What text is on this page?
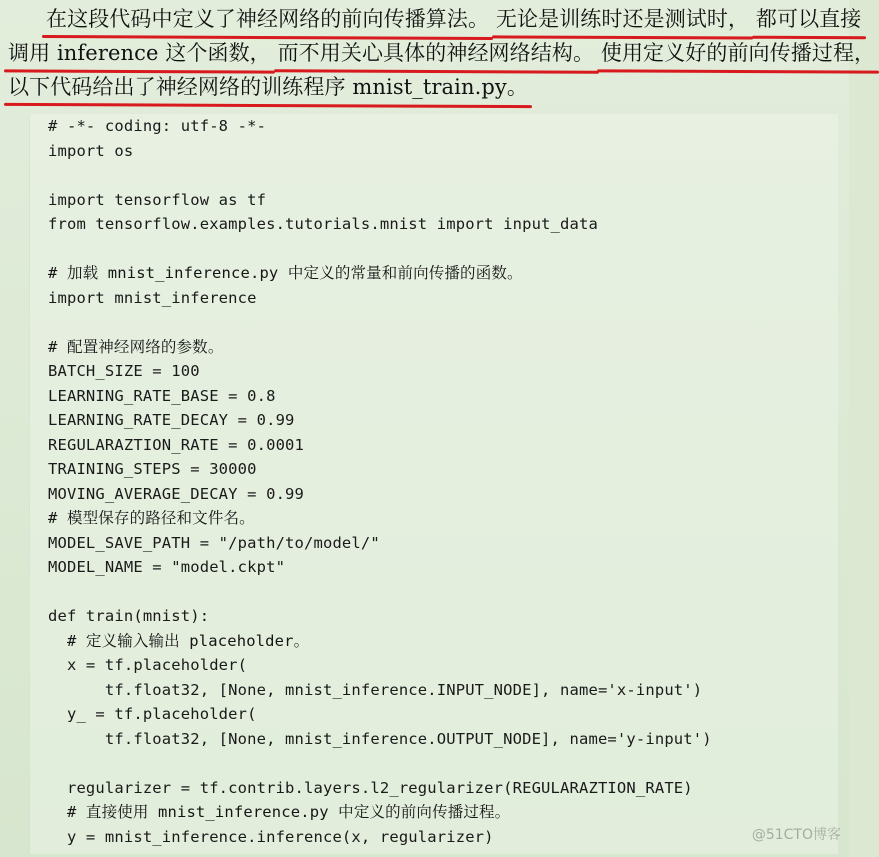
在这段代码中定义了神经网络的前向传播算法。 无论是训练时还是测试时， 都可以直接
调用 inference 这个函数， 而不用关心具体的神经网络结构。 使用定义好的前向传播过程，
以下代码给出了神经网络的训练程序 mnist_train.py。
# -*- coding: utf-8 -*-
import os
import tensorflow as tf
from tensorflow.examples.tutorials.mnist import input_data
# 加载 mnist_inference.py 中定义的常量和前向传播的函数。
import mnist_inference
# 配置神经网络的参数。
BATCH_SIZE = 100
LEARNING_RATE_BASE = 0.8
LEARNING_RATE_DECAY = 0.99
REGULARAZTION_RATE = 0.0001
TRAINING_STEPS = 30000
MOVING_AVERAGE_DECAY = 0.99
# 模型保存的路径和文件名。
MODEL_SAVE_PATH = "/path/to/model/"
MODEL_NAME = "model.ckpt"
def train(mnist):
# 定义输入输出 placeholder。
x = tf.placeholder(
tf.float32, [None, mnist_inference.INPUT_NODE], name='x-input')
y_ = tf.placeholder(
tf.float32, [None, mnist_inference.OUTPUT_NODE], name='y-input')
regularizer = tf.contrib.layers.l2_regularizer(REGULARAZTION_RATE)
# 直接使用 mnist_inference.py 中定义的前向传播过程。
y = mnist_inference.inference(x, regularizer)	@51CTO博客
